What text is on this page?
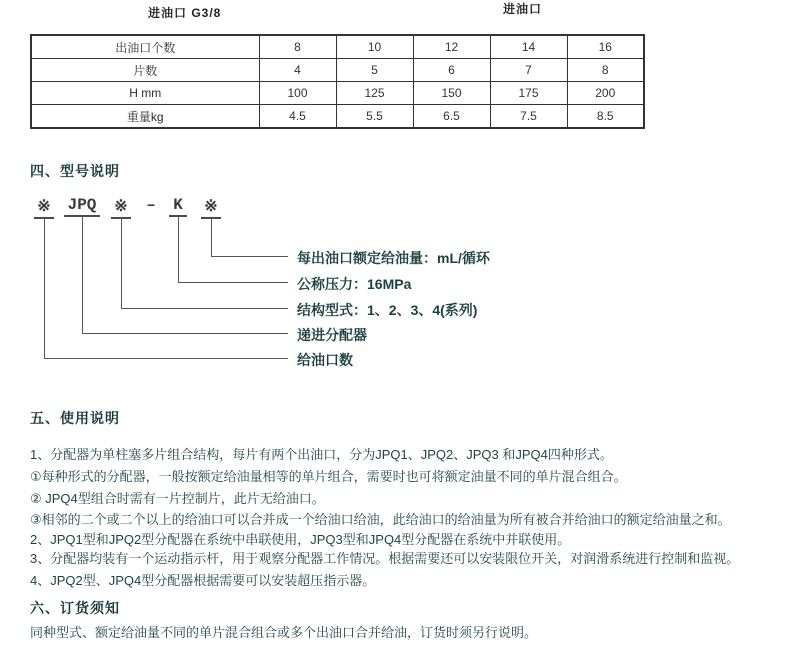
进油口 G3/8	进油口
出油口个数	8	10	12	14	16
片数	4	5	6	7	8
H mm	100	125	150	175	200
重量kg	4.5	5.5	6.5	7.5	8.5
四、型号说明
※ JPQ ※ – K ※
每出油口额定给油量：mL/循环
公称压力：16MPa
结构型式：1、2、3、4(系列)
递进分配器
给油口数
五、使用说明
1、分配器为单柱塞多片组合结构，每片有两个出油口，分为JPQ1、JPQ2、JPQ3 和JPQ4四种形式。
①每种形式的分配器，一般按额定给油量相等的单片组合，需要时也可将额定油量不同的单片混合组合。
② JPQ4型组合时需有一片控制片，此片无给油口。
③相邻的二个或二个以上的给油口可以合并成一个给油口给油，此给油口的给油量为所有被合并给油口的额定给油量之和。
2、JPQ1型和JPQ2型分配器在系统中串联使用，JPQ3型和JPQ4型分配器在系统中并联使用。
3、分配器均装有一个运动指示杆，用于观察分配器工作情况。根据需要还可以安装限位开关，对润滑系统进行控制和监视。
4、JPQ2型、JPQ4型分配器根据需要可以安装超压指示器。
六、订货须知
同种型式、额定给油量不同的单片混合组合或多个出油口合并给油，订货时须另行说明。
